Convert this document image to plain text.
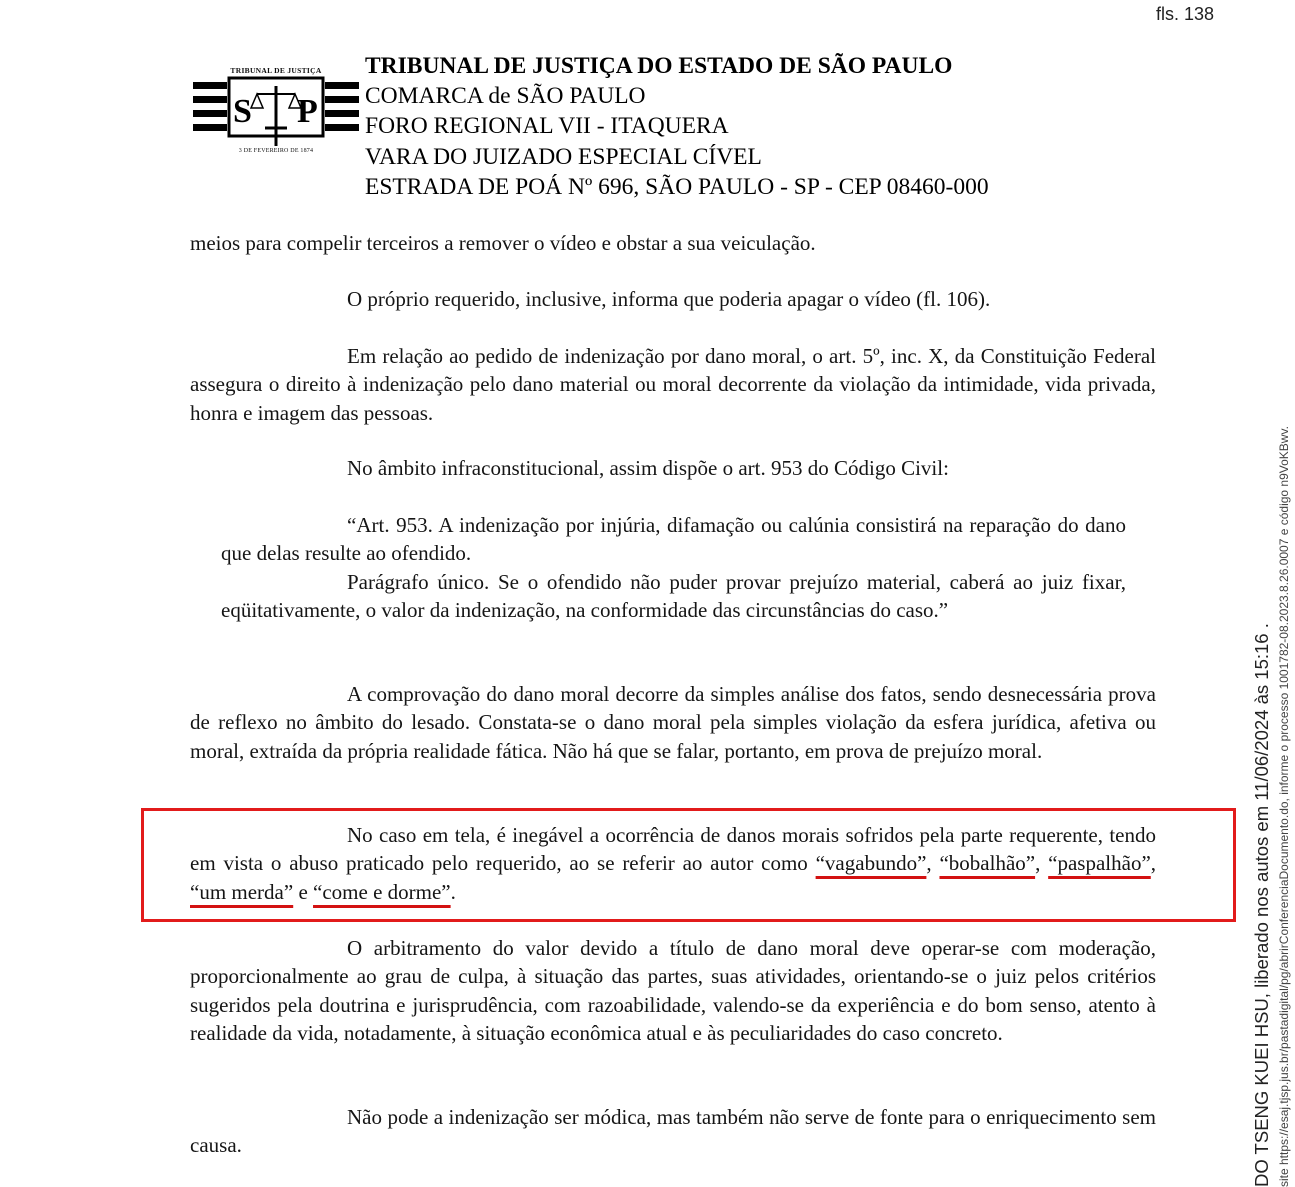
fls. 138
TRIBUNAL DE JUSTIÇA
S P
3 DE FEVEREIRO DE 1874
TRIBUNAL DE JUSTIÇA DO ESTADO DE SÃO PAULO
COMARCA de SÃO PAULO
FORO REGIONAL VII - ITAQUERA
VARA DO JUIZADO ESPECIAL CÍVEL
ESTRADA DE POÁ Nº 696, SÃO PAULO - SP - CEP 08460-000

meios para compelir terceiros a remover o vídeo e obstar a sua veiculação.

O próprio requerido, inclusive, informa que poderia apagar o vídeo (fl. 106).

Em relação ao pedido de indenização por dano moral, o art. 5º, inc. X, da Constituição Federal assegura o direito à indenização pelo dano material ou moral decorrente da violação da intimidade, vida privada, honra e imagem das pessoas.

No âmbito infraconstitucional, assim dispõe o art. 953 do Código Civil:

“Art. 953. A indenização por injúria, difamação ou calúnia consistirá na reparação do dano que delas resulte ao ofendido.
Parágrafo único. Se o ofendido não puder provar prejuízo material, caberá ao juiz fixar, eqüitativamente, o valor da indenização, na conformidade das circunstâncias do caso.”

A comprovação do dano moral decorre da simples análise dos fatos, sendo desnecessária prova de reflexo no âmbito do lesado. Constata-se o dano moral pela simples violação da esfera jurídica, afetiva ou moral, extraída da própria realidade fática. Não há que se falar, portanto, em prova de prejuízo moral.

No caso em tela, é inegável a ocorrência de danos morais sofridos pela parte requerente, tendo em vista o abuso praticado pelo requerido, ao se referir ao autor como “vagabundo”, “bobalhão”, “paspalhão”, “um merda” e “come e dorme”.

O arbitramento do valor devido a título de dano moral deve operar-se com moderação, proporcionalmente ao grau de culpa, à situação das partes, suas atividades, orientando-se o juiz pelos critérios sugeridos pela doutrina e jurisprudência, com razoabilidade, valendo-se da experiência e do bom senso, atento à realidade da vida, notadamente, à situação econômica atual e às peculiaridades do caso concreto.

Não pode a indenização ser módica, mas também não serve de fonte para o enriquecimento sem causa.	DO TSENG KUEI HSU, liberado nos autos em 11/06/2024 às 15:16 . site https://esaj.tjsp.jus.br/pastadigital/pg/abrirConferenciaDocumento.do, informe o processo 1001782-08.2023.8.26.0007 e código n9VoKBwv.
